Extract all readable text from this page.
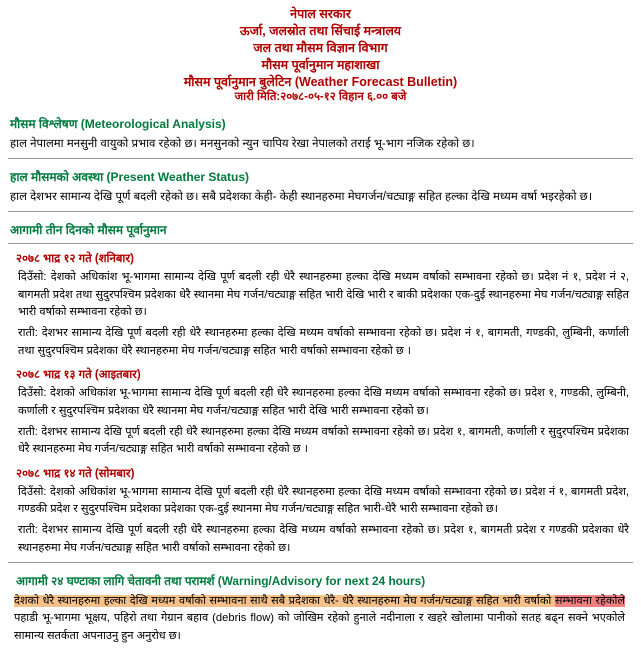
नेपाल सरकार
ऊर्जा, जलस्रोत तथा सिंचाई मन्त्रालय
जल तथा मौसम विज्ञान विभाग
मौसम पूर्वानुमान महाशाखा
मौसम पूर्वानुमान बुलेटिन (Weather Forecast Bulletin)
जारी मिति:२०७८-०५-१२ विहान ६.०० बजे
मौसम विश्लेषण (Meteorological Analysis)
हाल नेपालमा मनसुनी वायुको प्रभाव रहेको छ। मनसुनको न्युन चापिय रेखा नेपालको तराई भू-भाग नजिक रहेको छ।
हाल मौसमको अवस्था (Present Weather Status)
हाल देशभर सामान्य देखि पूर्ण बदली रहेको छ। सबै प्रदेशका केही- केही स्थानहरुमा मेघगर्जन/चट्याङ्ग सहित हल्का देखि मध्यम वर्षा भइरहेको छ।
आगामी तीन दिनको मौसम पूर्वानुमान
२०७८ भाद्र १२ गते (शनिबार)
दिउँसो: देशको अधिकांश भू-भागमा सामान्य देखि पूर्ण बदली रही धेरै स्थानहरुमा हल्का देखि मध्यम वर्षाको सम्भावना रहेको छ। प्रदेश नं १, प्रदेश नं २, बागमती प्रदेश तथा सुदुरपश्चिम प्रदेशका धेरै स्थानमा मेघ गर्जन/चट्याङ्ग सहित भारी देखि भारी र बाकी प्रदेशका एक-दुई स्थानहरुमा मेघ गर्जन/चट्याङ्ग सहित भारी वर्षाको सम्भावना रहेको छ।
राती: देशभर सामान्य देखि पूर्ण बदली रही धेरै स्थानहरुमा हल्का देखि मध्यम वर्षाको सम्भावना रहेको छ। प्रदेश नं १, बागमती, गण्डकी, लुम्बिनी, कर्णाली तथा सुदुरपश्चिम प्रदेशका धेरै स्थानहरुमा मेघ गर्जन/चट्याङ्ग सहित भारी वर्षाको सम्भावना रहेको छ ।
२०७८ भाद्र १३ गते (आइतबार)
दिउँसो: देशको अधिकांश भू-भागमा सामान्य देखि पूर्ण बदली रही धेरै स्थानहरुमा हल्का देखि मध्यम वर्षाको सम्भावना रहेको छ। प्रदेश १, गण्डकी, लुम्बिनी, कर्णाली र सुदुरपश्चिम प्रदेशका धेरै स्थानमा मेघ गर्जन/चट्याङ्ग सहित भारी देखि भारी सम्भावना रहेको छ।
राती: देशभर सामान्य देखि पूर्ण बदली रही धेरै स्थानहरुमा हल्का देखि मध्यम वर्षाको सम्भावना रहेको छ। प्रदेश १, बागमती, कर्णाली र सुदुरपश्चिम प्रदेशका धेरै स्थानहरुमा मेघ गर्जन/चट्याङ्ग सहित भारी वर्षाको सम्भावना रहेको छ ।
२०७८ भाद्र १४ गते (सोमबार)
दिउँसो: देशको अधिकांश भू-भागमा सामान्य देखि पूर्ण बदली रही धेरै स्थानहरुमा हल्का देखि मध्यम वर्षाको सम्भावना रहेको छ। प्रदेश नं १, बागमती प्रदेश, गण्डकी प्रदेश र सुदुरपश्चिम प्रदेशका प्रदेशका एक-दुई स्थानमा मेघ गर्जन/चट्याङ्ग सहित भारी-धेरै भारी सम्भावना रहेको छ।
राती: देशभर सामान्य देखि पूर्ण बदली रही धेरै स्थानहरुमा हल्का देखि मध्यम वर्षाको सम्भावना रहेको छ। प्रदेश १, बागमती प्रदेश र गण्डकी प्रदेशका धेरै स्थानहरुमा मेघ गर्जन/चट्याङ्ग सहित भारी वर्षाको सम्भावना रहेको छ।
आगामी २४ घण्टाका लागि चेतावनी तथा परामर्श (Warning/Advisory for next 24 hours)
देशको धेरै स्थानहरुमा हल्का देखि मध्यम वर्षाको सम्भावना साथै सबै प्रदेशका धेरै- धेरै स्थानहरुमा मेघ गर्जन/चट्याङ्ग सहित भारी वर्षाको सम्भावना रहेकोले पहाडी भू-भागमा भूक्षय, पहिरो तथा गेग्रान बहाव (debris flow) को जोखिम रहेको हुनाले नदीनाला र खहरे खोलामा पानीको सतह बढ्न सक्ने भएकोले सामान्य सतर्कता अपनाउनु हुन अनुरोध छ।
